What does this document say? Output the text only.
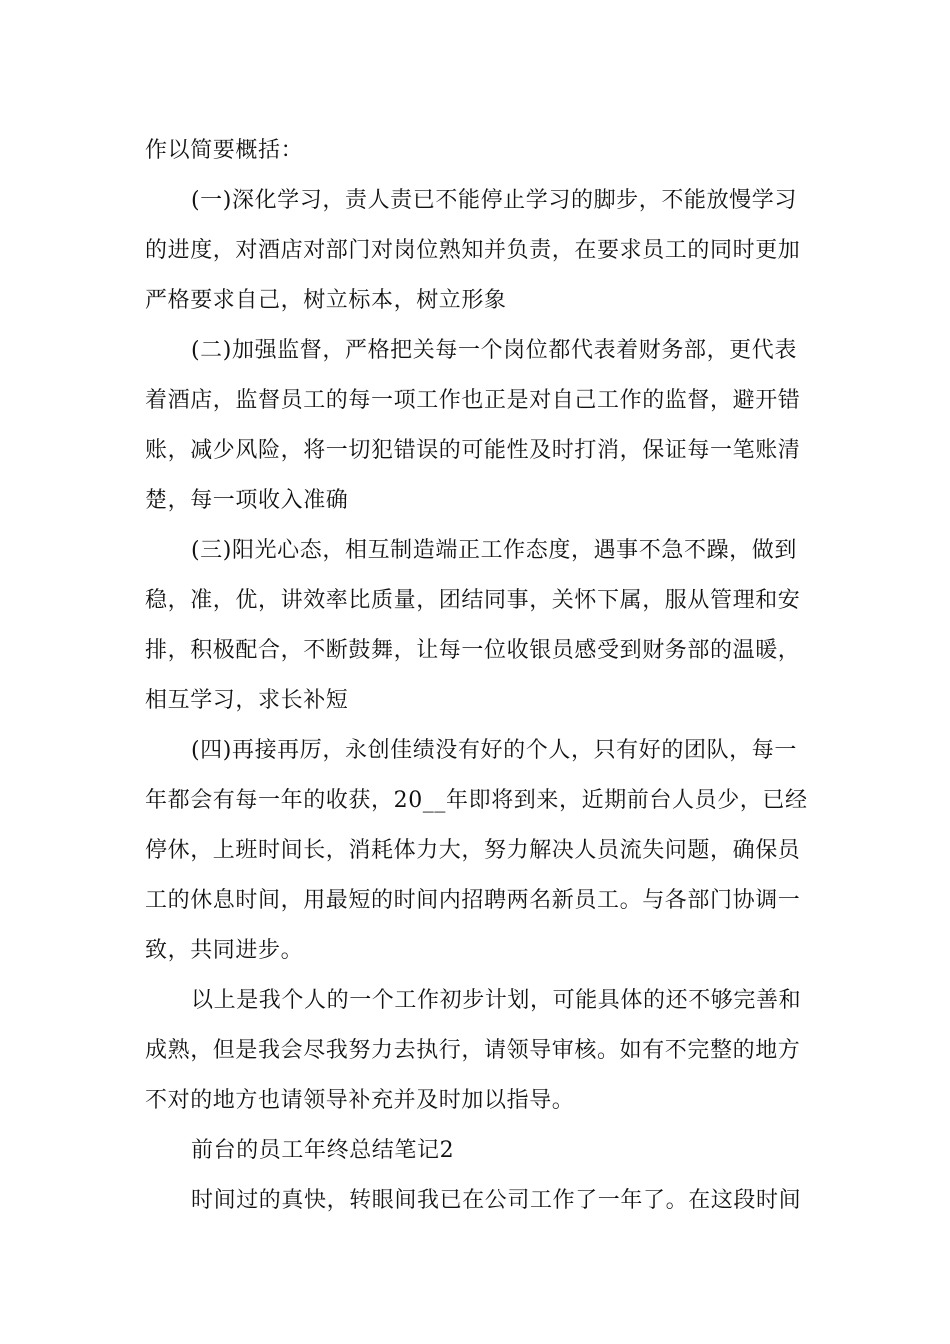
作以简要概括：
(一)深化学习，责人责已不能停止学习的脚步，不能放慢学习
的进度，对酒店对部门对岗位熟知并负责，在要求员工的同时更加
严格要求自己，树立标本，树立形象
(二)加强监督，严格把关每一个岗位都代表着财务部，更代表
着酒店，监督员工的每一项工作也正是对自己工作的监督，避开错
账，减少风险，将一切犯错误的可能性及时打消，保证每一笔账清
楚，每一项收入准确
(三)阳光心态，相互制造端正工作态度，遇事不急不躁，做到
稳，准，优，讲效率比质量，团结同事，关怀下属，服从管理和安
排，积极配合，不断鼓舞，让每一位收银员感受到财务部的温暖，
相互学习，求长补短
(四)再接再厉，永创佳绩没有好的个人，只有好的团队，每一
年都会有每一年的收获，20__年即将到来，近期前台人员少，已经
停休，上班时间长，消耗体力大，努力解决人员流失问题，确保员
工的休息时间，用最短的时间内招聘两名新员工。与各部门协调一
致，共同进步。
以上是我个人的一个工作初步计划，可能具体的还不够完善和
成熟，但是我会尽我努力去执行，请领导审核。如有不完整的地方
不对的地方也请领导补充并及时加以指导。
前台的员工年终总结笔记2
时间过的真快，转眼间我已在公司工作了一年了。在这段时间
